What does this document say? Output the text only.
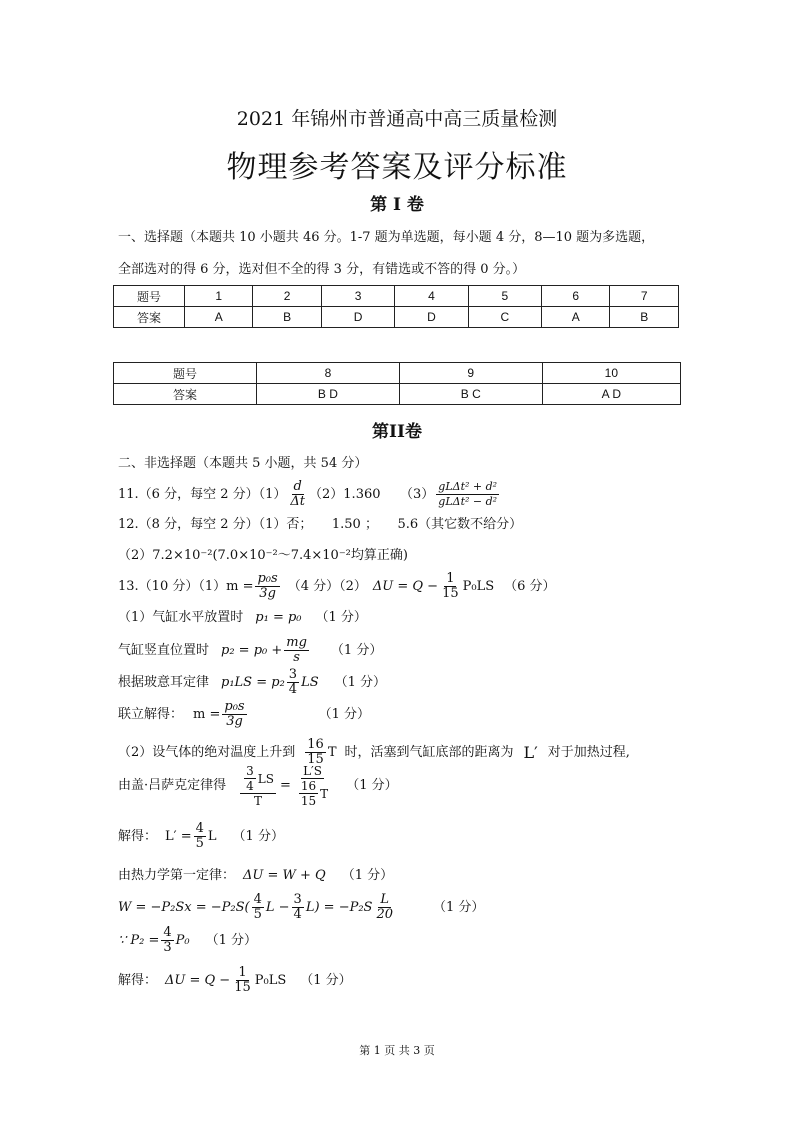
2021 年锦州市普通高中高三质量检测
物理参考答案及评分标准
第 Ⅰ 卷
一、选择题（本题共 10 小题共 46 分。1-7 题为单选题，每小题 4 分，8—10 题为多选题，
全部选对的得 6 分，选对但不全的得 3 分，有错选或不答的得 0 分。）
题号	1	2	3	4	5	6	7
答案	A	B	D	D	C	A	B
题号	8	9	10
答案	B D	B C	A D
第II卷
二、非选择题（本题共 5 小题，共 54 分）
11.（6 分，每空 2 分）$(1) \frac{d}{\Delta t} (2)1.360$　　$(3) \frac{\text{gLΔt² + d²}}{\text{gLΔt² − d²}}$
12.（8 分，每空 2 分）（1）否；　　1.50 ；　　5.6（其它数不给分）
（2）7.2×10⁻²(7.0×10⁻²～7.4×10⁻²均算正确)
13.（10 分）（1） $m = \frac{\text{p₀s}}{3g} (4$ 分）（2） $\Delta U = Q - \frac{1}{15} P_0LS$ （6 分）
（1）气缸水平放置时 p₁ = p₀ （1 分）
气缸竖直位置时 $p_2 = p_0 + \frac{mg}{s} (1$ 分）
根据玻意耳定律 $p_1LS = p_2 \frac{3}{4}$ LS （1 分）
联立解得： $m = \frac{\text{p₀s}}{3g}$	（1 分）
（2）设气体的绝对温度上升到 $\frac{16}{15}$ T 时，活塞到气缸底部的距离为 L′ 对于加热过程,
由盖·吕萨克定律得 $\frac{\frac{3}{4} LS}{T} = \frac{L'S}{\frac{16}{15} T} (1$ 分）
解得： $L' = \frac{4}{5}$ L （1 分）
由热力学第一定律： ΔU = W + Q （1 分）
$W = -P_2Sx = -P_2S( \frac{4}{5}$ $L - \frac{3}{4} L) = -P_2S \frac{L}{20}$	（1 分）
∵ $P_2 = \frac{4}{3} P_0$ （1 分）
解得： $\Delta U = Q - \frac{1}{15} P_0LS$ （1 分）
第 1 页 共 3 页
